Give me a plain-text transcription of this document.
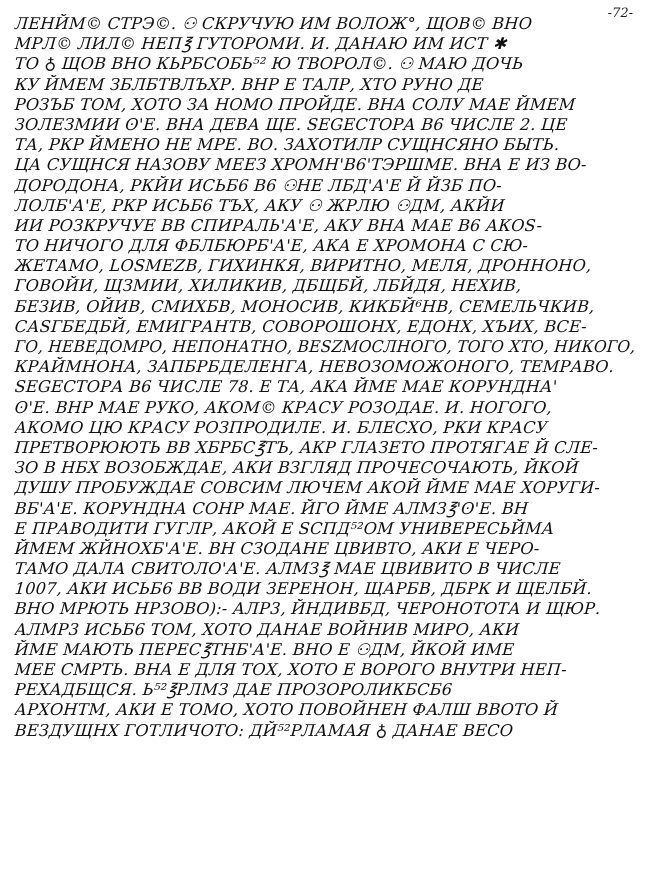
-72-
ЛЕНЙМ© СТРЭ©. ⚇ СКРУЧУЮ ИМ ВОЛОЖ°, ЩОВ© ВНО
МРЛ© ЛИЛ© НЕП℥ ГУТОРОМИ. И. ДАНАЮ ИМ ИСТ ✱
ТО ♁ ЩОВ ВНО КЬРБСОБЬ⁵² Ю ТВОРОЛ©. ⚇ МАЮ ДОЧЬ
КУ ЙМЕМ ЗБЛБТВЛЪХР. ВНР Е ТАЛР, ХТО РУНО ДЕ
РОЗЪБ ТОМ, ХОТО ЗА НОМО ПРОЙДЕ. ВНА СОЛУ МАЕ ЙМЕМ
ЗОЛЕЗМИИ ʘ'Е. ВНА ДЕВА ЩЕ. SЕGЕСТОРА В6 ЧИСЛЕ 2. ЦЕ
ТА, РКР ЙМЕНО НЕ МРЕ. ВО. ЗАХОТИЛР СУЩНСЯНО БЫТЬ.
ЦА СУЩНСЯ НАЗОВУ МЕЕЗ ХРОМН'В6'ТЭРШМЕ. ВНА Е ИЗ ВО-
ДОРОДОНА, РКЙИ ИСЬБ6 В6 ⚇НЕ ЛБД'А'Е Й ЙЗБ ПО-
ЛОЛБ'А'Е, РКР ИСЬБ6 ТЪХ, АКУ ⚇ ЖРЛЮ ⚇ДМ, АКЙИ
ИИ РОЗКРУЧУЕ ВВ СПИРАЛЬ'А'Е, АКУ ВНА МАЕ В6 АКОS-
ТО НИЧОГО ДЛЯ ФБЛБЮРБ'А'Е, АКА Е ХРОМОНА С СЮ-
ЖЕТАМО, LОSМЕZВ, ГИХИНКЯ, ВИРИТНО, МЕЛЯ, ДРОННОНО,
ГОВОЙИ, ЩЗМИИ, ХИЛИКИВ, ДБЩБЙ, ЛБЙДЯ, НЕХИВ,
БЕЗИВ, ОЙИВ, СМИХБВ, МОНОСИВ, КИКБЙ⁶НВ, СЕМЕЛЬЧКИВ,
САSГБЕДБЙ, ЕМИГРАНТВ, СОВОРОШОНХ, ЕДОНХ, ХЪИХ, ВСЕ-
ГО, НЕВЕДОМРО, НЕПОНАТНО, ВЕSZМОСЛНОГО, ТОГО ХТО, НИКОГО,
КРАЙМНОНА, ЗАПБРБДЕЛЕНГА, НЕВОЗОМОЖОНОГО, ТЕМРАВО.
SЕGЕСТОРА В6 ЧИСЛЕ 78. Е ТА, АКА ЙМЕ МАЕ КОРУНДНА'
ʘ'Е. ВНР МАЕ РУКО, АКОМ© КРАСУ РОЗОДАЕ. И. НОГОГО,
АКОМО ЦЮ КРАСУ РОЗПРОДИЛЕ. И. БЛЕСХО, РКИ КРАСУ
ПРЕТВОРЮЮТЬ ВВ ХБРБС℥ТЪ, АКР ГЛАЗЕТО ПРОТЯГАЕ Й СЛЕ-
ЗО В НБХ ВОЗОБЖДАЕ, АКИ ВЗГЛЯД ПРОЧЕСОЧАЮТЬ, ЙКОЙ
ДУШУ ПРОБУЖДАЕ СОВСИМ ЛЮЧЕМ АКОЙ ЙМЕ МАЕ ХОРУГИ-
ВБ'А'Е. КОРУНДНА СОНР МАЕ. ЙГО ЙМЕ АЛМЗ℥'ʘ'Е. ВН
Е ПРАВОДИТИ ГУГЛР, АКОЙ Е SСПД⁵²ОМ УНИВЕРЕСЬЙМА
ЙМЕМ ЖЙНОХБ'А'Е. ВН СЗОДАНЕ ЦВИВТО, АКИ Е ЧЕРО-
ТАМО ДАЛА СВИТОЛО'А'Е. АЛМЗ℥ МАЕ ЦВИВИТО В ЧИСЛЕ
1007, АКИ ИСЬБ6 ВВ ВОДИ ЗЕРЕНОН, ЩАРБВ, ДБРК И ЩЕЛБЙ.
ВНО МРЮТЬ НР3ОВО):- АЛР3, ЙНДИВБД, ЧЕРОНОТОТА И ЩЮР.
АЛМР3 ИСЬБ6 ТОМ, ХОТО ДАНАЕ ВОЙНИВ МИРО, АКИ
ЙМЕ МАЮТЬ ПЕРЕС℥ТНБ'А'Е. ВНО Е ⚇ДМ, ЙКОЙ ИМЕ
МЕЕ СМРТЬ. ВНА Е ДЛЯ ТОХ, ХОТО Е ВОРОГО ВНУТРИ НЕП-
РЕХАДБЩСЯ. Ь⁵²℥РЛМЗ ДАЕ ПРОЗОРОЛИКБСБ6
АРХОНТМ, АКИ Е ТОМО, ХОТО ПОВОЙНЕН ФАЛШ ВВОТО Й
ВЕЗДУЩНХ ГОТЛИЧОТО: ДЙ⁵²РЛАМАЯ ♁ ДАНАЕ ВЕСО
